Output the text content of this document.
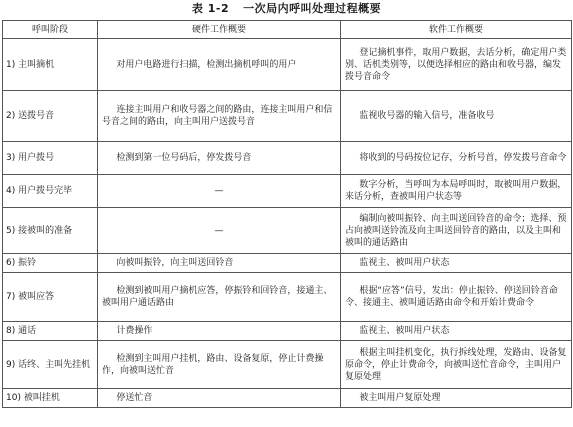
表 1-2 一次局内呼叫处理过程概要
呼叫阶段	硬件工作概要	软件工作概要
1) 主叫摘机	对用户电路进行扫描，检测出摘机呼叫的用户	登记摘机事件，取用户数据，去话分析，确定用户类别、话机类别等，以便选择相应的路由和收号器，编发拨号音命令
2) 送拨号音	连接主叫用户和收号器之间的路由，连接主叫用户和信号音之间的路由，向主叫用户送拨号音	监视收号器的输入信号，准备收号
3) 用户拨号	检测到第一位号码后，停发拨号音	将收到的号码按位记存，分析号首，停发拨号音命令
4) 用户拨号完毕	—	数字分析，当呼叫为本局呼叫时，取被叫用户数据，来话分析，查被叫用户状态等
5) 接被叫的准备	—	编制向被叫振铃、向主叫送回铃音的命令；选择、预占向被叫送铃流及向主叫送回铃音的路由，以及主叫和被叫的通话路由
6) 振铃	向被叫振铃，向主叫送回铃音	监视主、被叫用户状态
7) 被叫应答	检测到被叫用户摘机应答，停振铃和回铃音，接通主、被叫用户通话路由	根据“应答”信号，发出：停止振铃、停送回铃音命令、接通主、被叫通话路由命令和开始计费命令
8) 通话	计费操作	监视主、被叫用户状态
9) 话终、主叫先挂机	检测到主叫用户挂机，路由、设备复原，停止计费操作，向被叫送忙音	根据主叫挂机变化，执行拆线处理，发路由、设备复原命令，停止计费命令，向被叫送忙音命令，主叫用户复原处理
10) 被叫挂机	停送忙音	被主叫用户复原处理
